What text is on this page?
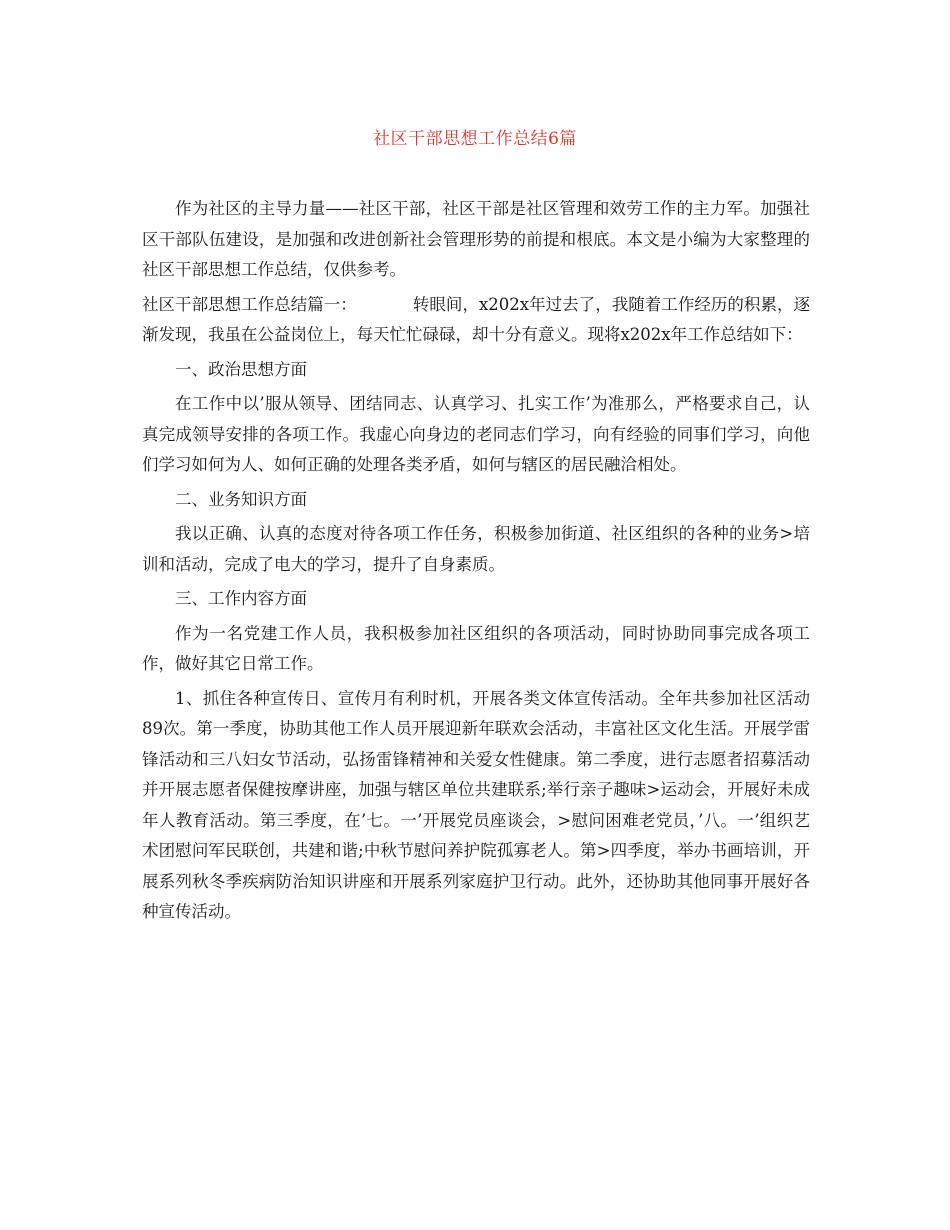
社区干部思想工作总结6篇

作为社区的主导力量——社区干部，社区干部是社区管理和效劳工作的主力军。加强社区干部队伍建设，是加强和改进创新社会管理形势的前提和根底。本文是小编为大家整理的社区干部思想工作总结，仅供参考。

社区干部思想工作总结篇一：	转眼间，x202x年过去了，我随着工作经历的积累，逐渐发现，我虽在公益岗位上，每天忙忙碌碌，却十分有意义。现将x202x年工作总结如下：

一、政治思想方面

在工作中以’服从领导、团结同志、认真学习、扎实工作’为准那么，严格要求自己，认真完成领导安排的各项工作。我虚心向身边的老同志们学习，向有经验的同事们学习，向他们学习如何为人、如何正确的处理各类矛盾，如何与辖区的居民融洽相处。

二、业务知识方面

我以正确、认真的态度对待各项工作任务，积极参加街道、社区组织的各种的业务>培训和活动，完成了电大的学习，提升了自身素质。

三、工作内容方面

作为一名党建工作人员，我积极参加社区组织的各项活动，同时协助同事完成各项工作，做好其它日常工作。

1、抓住各种宣传日、宣传月有利时机，开展各类文体宣传活动。全年共参加社区活动89次。第一季度，协助其他工作人员开展迎新年联欢会活动，丰富社区文化生活。开展学雷锋活动和三八妇女节活动，弘扬雷锋精神和关爱女性健康。第二季度，进行志愿者招募活动并开展志愿者保健按摩讲座，加强与辖区单位共建联系;举行亲子趣味>运动会，开展好未成年人教育活动。第三季度，在’七。一’开展党员座谈会，>慰问困难老党员，’八。一’组织艺术团慰问军民联创，共建和谐;中秋节慰问养护院孤寡老人。第>四季度，举办书画培训，开展系列秋冬季疾病防治知识讲座和开展系列家庭护卫行动。此外，还协助其他同事开展好各种宣传活动。
